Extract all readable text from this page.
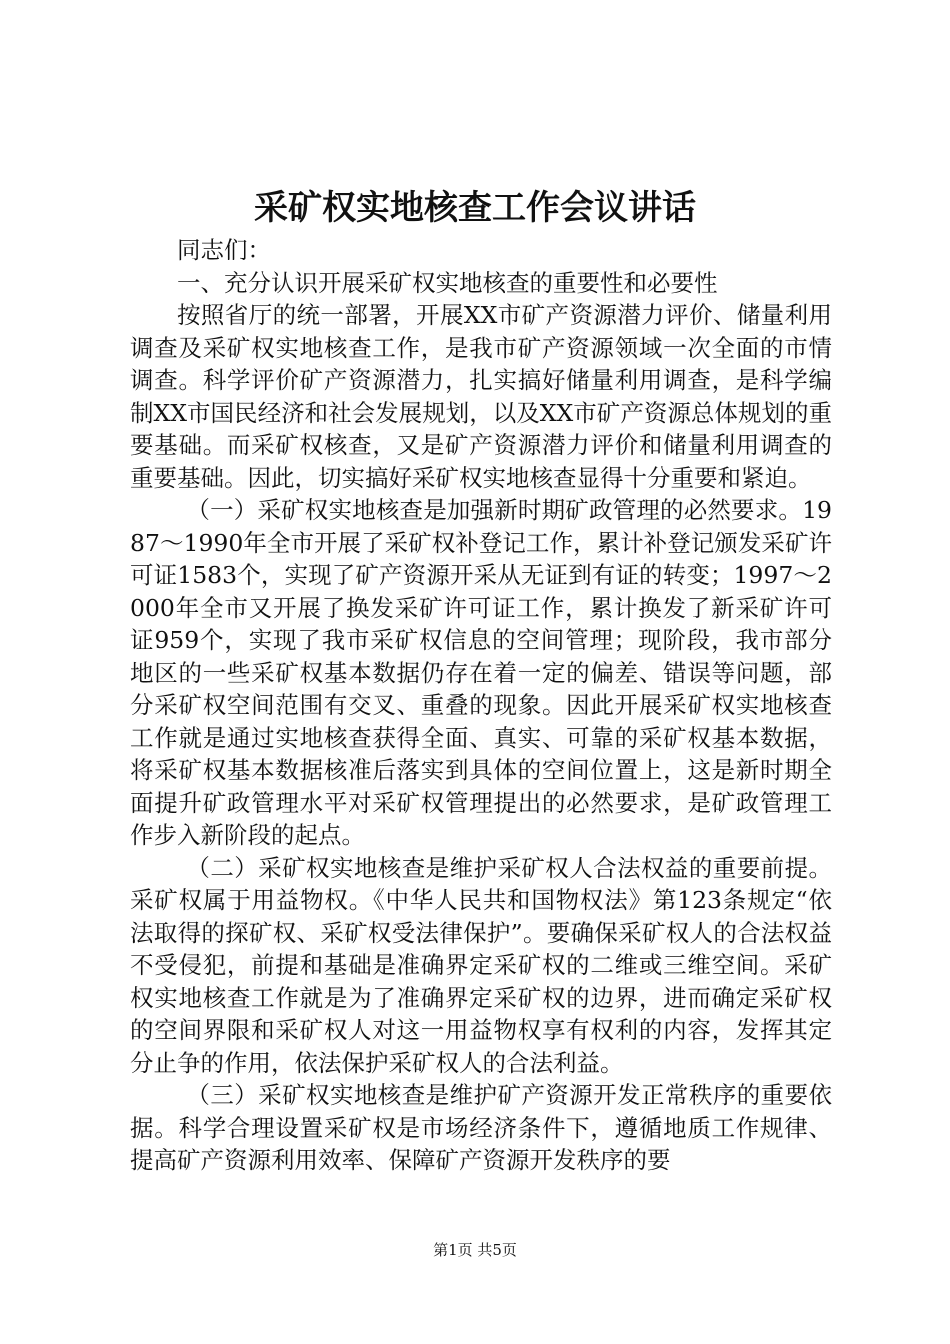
采矿权实地核查工作会议讲话

同志们：

一、充分认识开展采矿权实地核查的重要性和必要性

按照省厅的统一部署，开展XX市矿产资源潜力评价、储量利用调查及采矿权实地核查工作，是我市矿产资源领域一次全面的市情调查。科学评价矿产资源潜力，扎实搞好储量利用调查，是科学编制XX市国民经济和社会发展规划，以及XX市矿产资源总体规划的重要基础。而采矿权核查，又是矿产资源潜力评价和储量利用调查的重要基础。因此，切实搞好采矿权实地核查显得十分重要和紧迫。

（一）采矿权实地核查是加强新时期矿政管理的必然要求。1987～1990年全市开展了采矿权补登记工作，累计补登记颁发采矿许可证1583个，实现了矿产资源开采从无证到有证的转变；1997～2000年全市又开展了换发采矿许可证工作，累计换发了新采矿许可证959个，实现了我市采矿权信息的空间管理；现阶段，我市部分地区的一些采矿权基本数据仍存在着一定的偏差、错误等问题，部分采矿权空间范围有交叉、重叠的现象。因此开展采矿权实地核查工作就是通过实地核查获得全面、真实、可靠的采矿权基本数据，将采矿权基本数据核准后落实到具体的空间位置上，这是新时期全面提升矿政管理水平对采矿权管理提出的必然要求，是矿政管理工作步入新阶段的起点。

（二）采矿权实地核查是维护采矿权人合法权益的重要前提。采矿权属于用益物权。《中华人民共和国物权法》第123条规定“依法取得的探矿权、采矿权受法律保护”。要确保采矿权人的合法权益不受侵犯，前提和基础是准确界定采矿权的二维或三维空间。采矿权实地核查工作就是为了准确界定采矿权的边界，进而确定采矿权的空间界限和采矿权人对这一用益物权享有权利的内容，发挥其定分止争的作用，依法保护采矿权人的合法利益。

（三）采矿权实地核查是维护矿产资源开发正常秩序的重要依据。科学合理设置采矿权是市场经济条件下，遵循地质工作规律、提高矿产资源利用效率、保障矿产资源开发秩序的要

第1页 共5页
